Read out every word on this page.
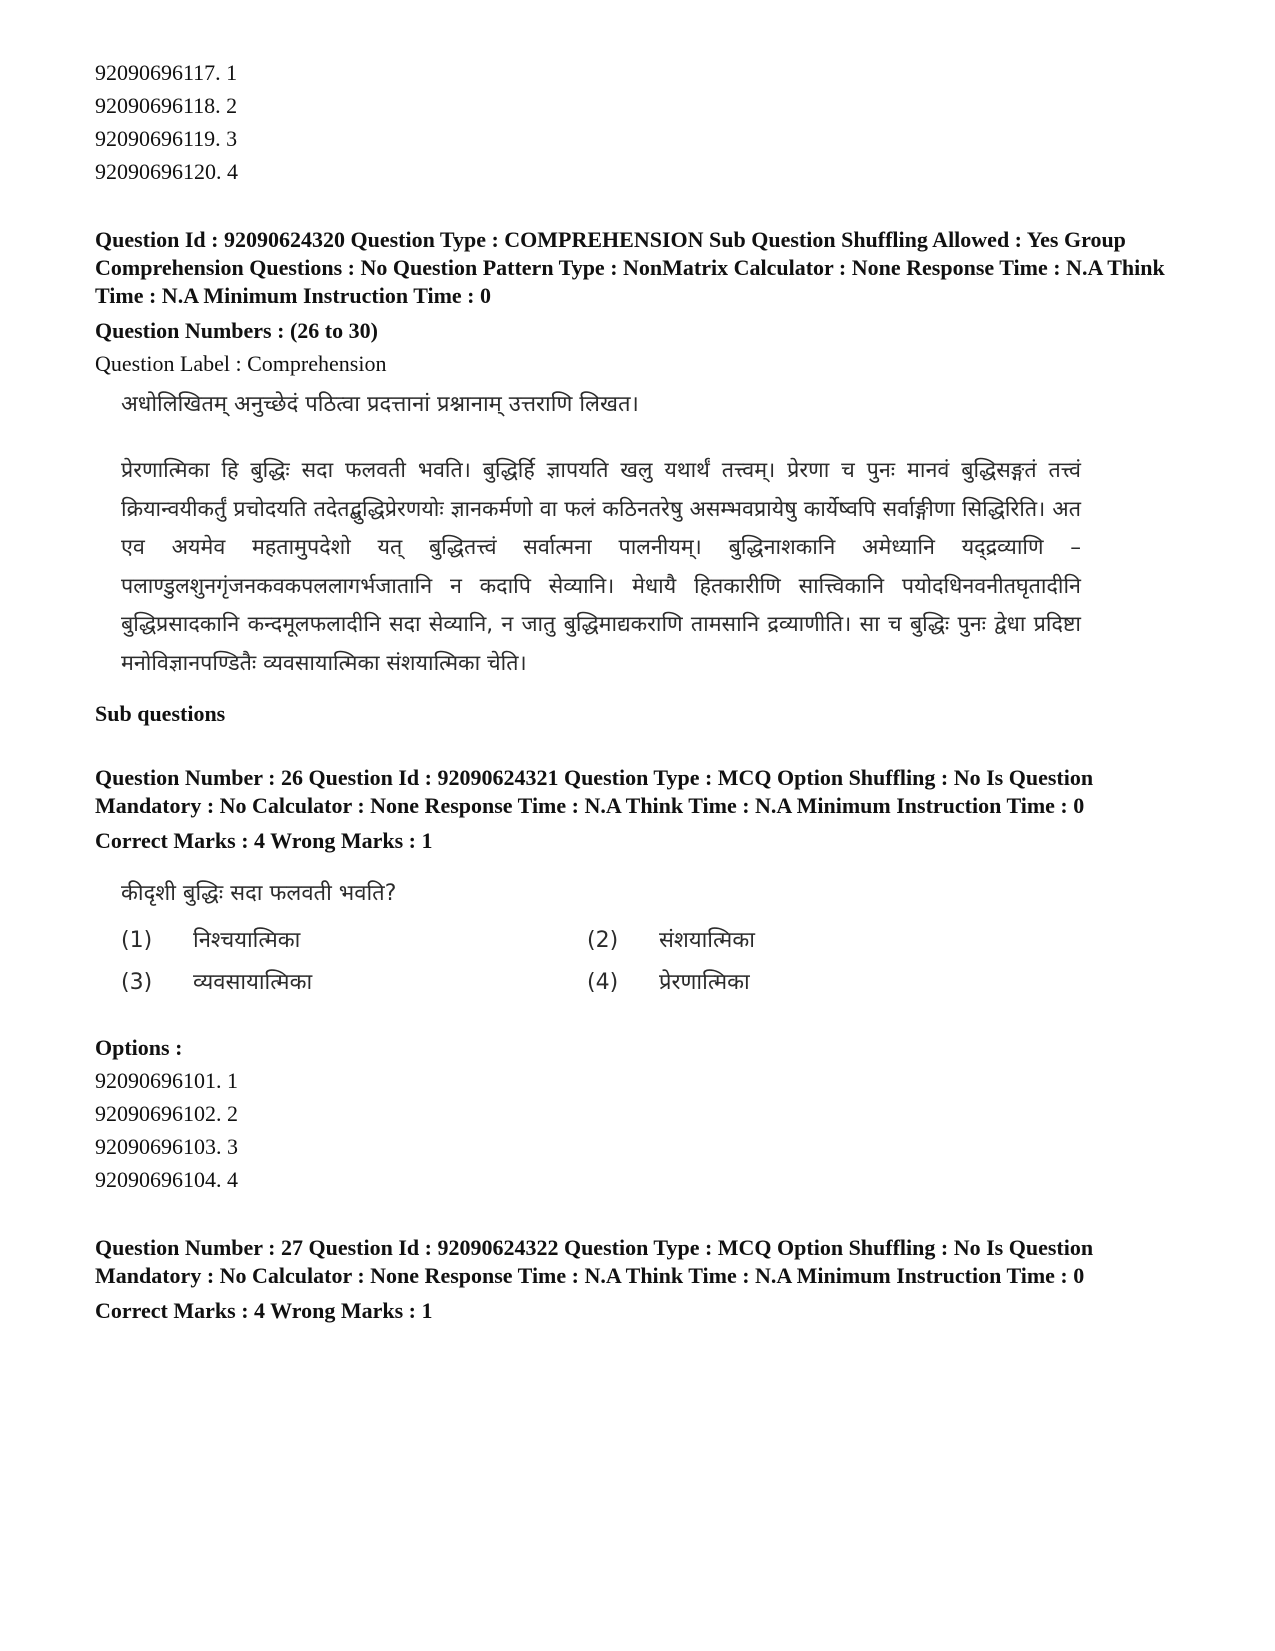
92090696117. 1

92090696118. 2

92090696119. 3

92090696120. 4

Question Id : 92090624320 Question Type : COMPREHENSION Sub Question Shuffling Allowed : Yes Group Comprehension Questions : No Question Pattern Type : NonMatrix Calculator : None Response Time : N.A Think Time : N.A Minimum Instruction Time : 0

Question Numbers : (26 to 30)

Question Label : Comprehension

अधोलिखितम् अनुच्छेदं पठित्वा प्रदत्तानां प्रश्नानाम् उत्तराणि लिखत।

प्रेरणात्मिका हि बुद्धिः सदा फलवती भवति। बुद्धिर्हि ज्ञापयति खलु यथार्थं तत्त्वम्। प्रेरणा च पुनः मानवं बुद्धिसङ्गतं तत्त्वं क्रियान्वयीकर्तुं प्रचोदयति तदेतद्बुद्धिप्रेरणयोः ज्ञानकर्मणो वा फलं कठिनतरेषु असम्भवप्रायेषु कार्येष्वपि सर्वाङ्गीणा सिद्धिरिति। अत एव अयमेव महतामुपदेशो यत् बुद्धितत्त्वं सर्वात्मना पालनीयम्। बुद्धिनाशकानि अमेध्यानि यद्द्रव्याणि – पलाण्डुलशुनगृंजनकवकपललागर्भजातानि न कदापि सेव्यानि। मेधायै हितकारीणि सात्त्विकानि पयोदधिनवनीतघृतादीनि बुद्धिप्रसादकानि कन्दमूलफलादीनि सदा सेव्यानि, न जातु बुद्धिमाद्यकराणि तामसानि द्रव्याणीति। सा च बुद्धिः पुनः द्वेधा प्रदिष्टा मनोविज्ञानपण्डितैः व्यवसायात्मिका संशयात्मिका चेति।

Sub questions

Question Number : 26 Question Id : 92090624321 Question Type : MCQ Option Shuffling : No Is Question Mandatory : No Calculator : None Response Time : N.A Think Time : N.A Minimum Instruction Time : 0

Correct Marks : 4 Wrong Marks : 1

कीदृशी बुद्धिः सदा फलवती भवति?

(1)	निश्चयात्मिका	(2)	संशयात्मिका
(3)	व्यवसायात्मिका	(4)	प्रेरणात्मिका

Options :

92090696101. 1

92090696102. 2

92090696103. 3

92090696104. 4

Question Number : 27 Question Id : 92090624322 Question Type : MCQ Option Shuffling : No Is Question Mandatory : No Calculator : None Response Time : N.A Think Time : N.A Minimum Instruction Time : 0

Correct Marks : 4 Wrong Marks : 1
